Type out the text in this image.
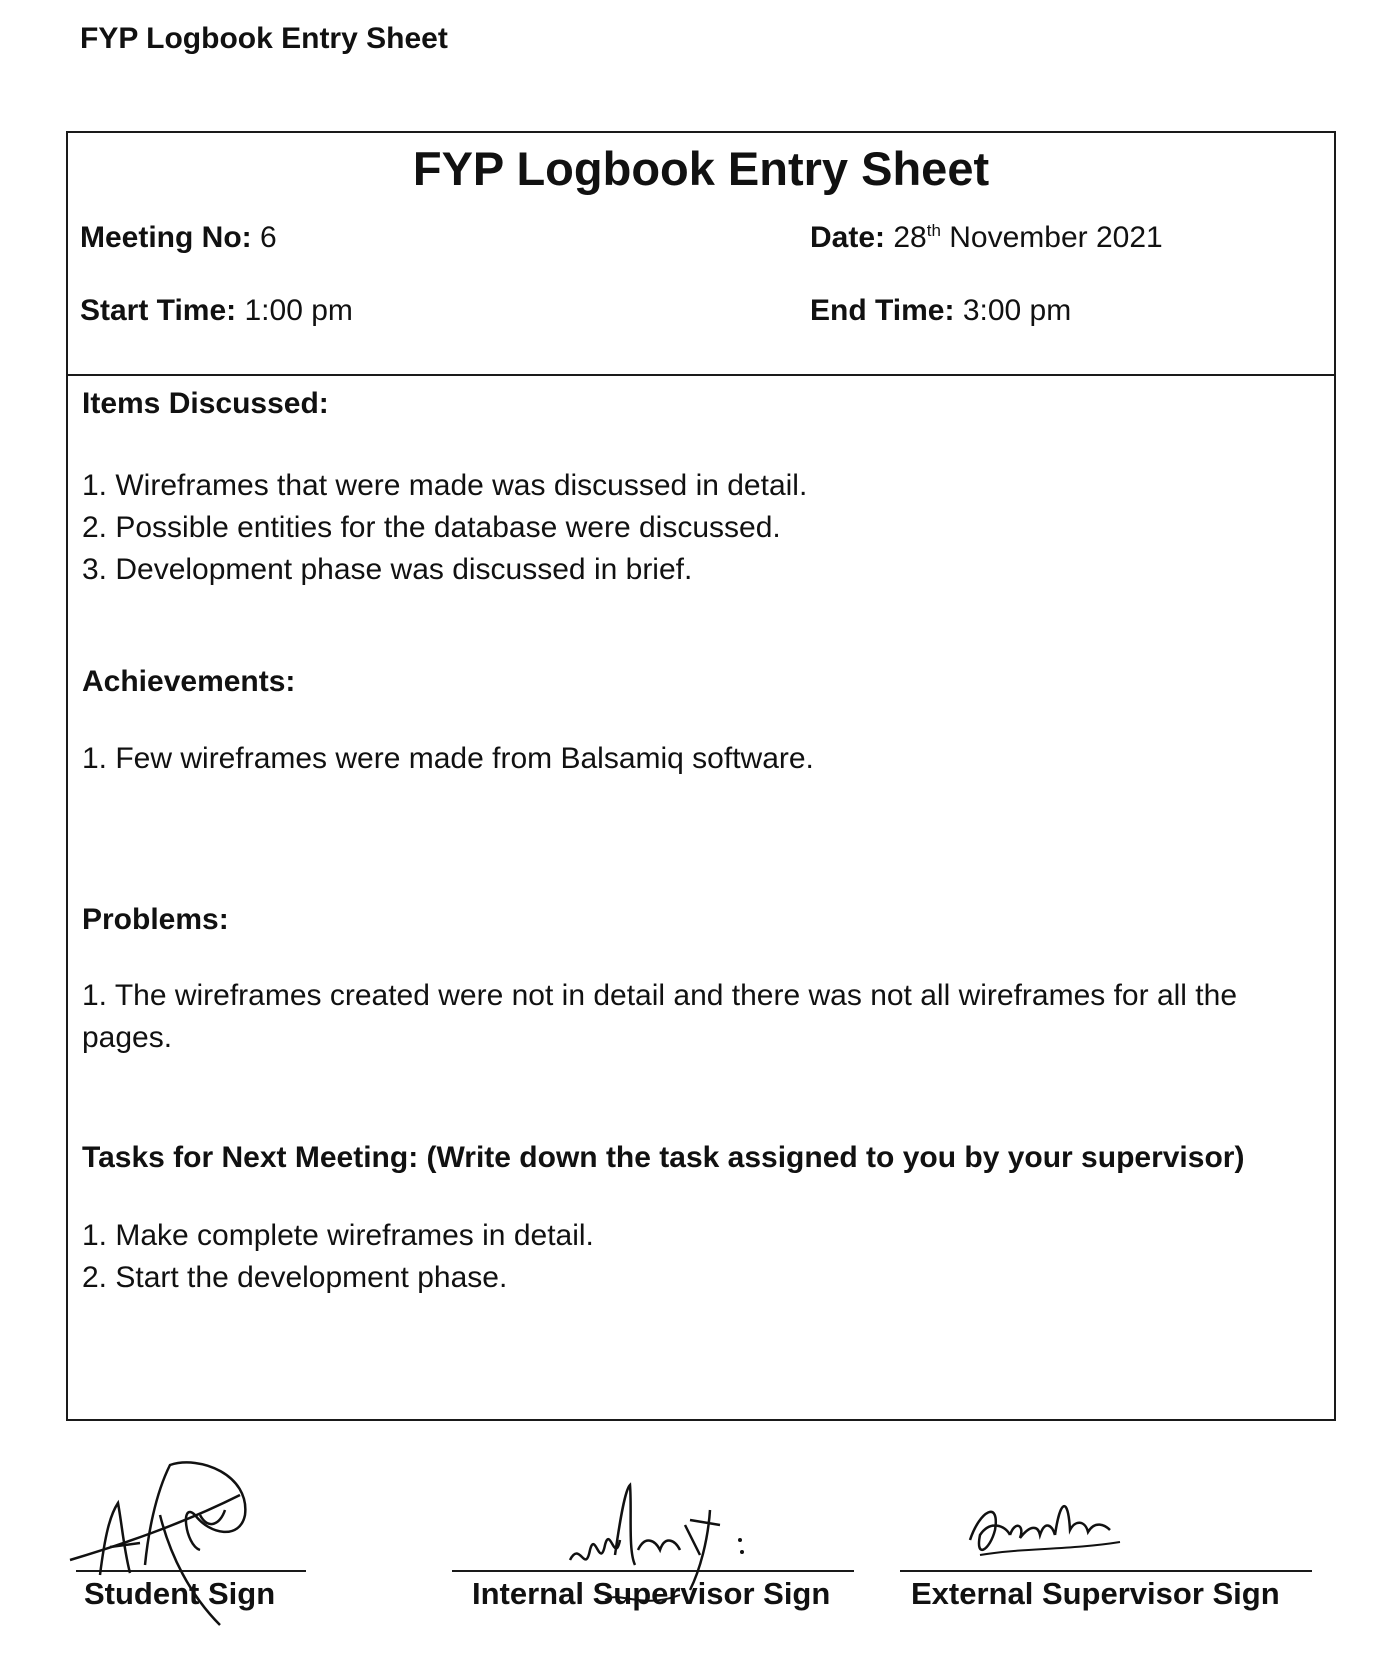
FYP Logbook Entry Sheet
FYP Logbook Entry Sheet
Meeting No: 6	Date: 28th November 2021
Start Time: 1:00 pm	End Time: 3:00 pm
Items Discussed:
1. Wireframes that were made was discussed in detail.
2. Possible entities for the database were discussed.
3. Development phase was discussed in brief.
Achievements:
1. Few wireframes were made from Balsamiq software.
Problems:
1. The wireframes created were not in detail and there was not all wireframes for all the pages.
Tasks for Next Meeting: (Write down the task assigned to you by your supervisor)
1. Make complete wireframes in detail.
2. Start the development phase.
Student Sign	Internal Supervisor Sign	External Supervisor Sign
